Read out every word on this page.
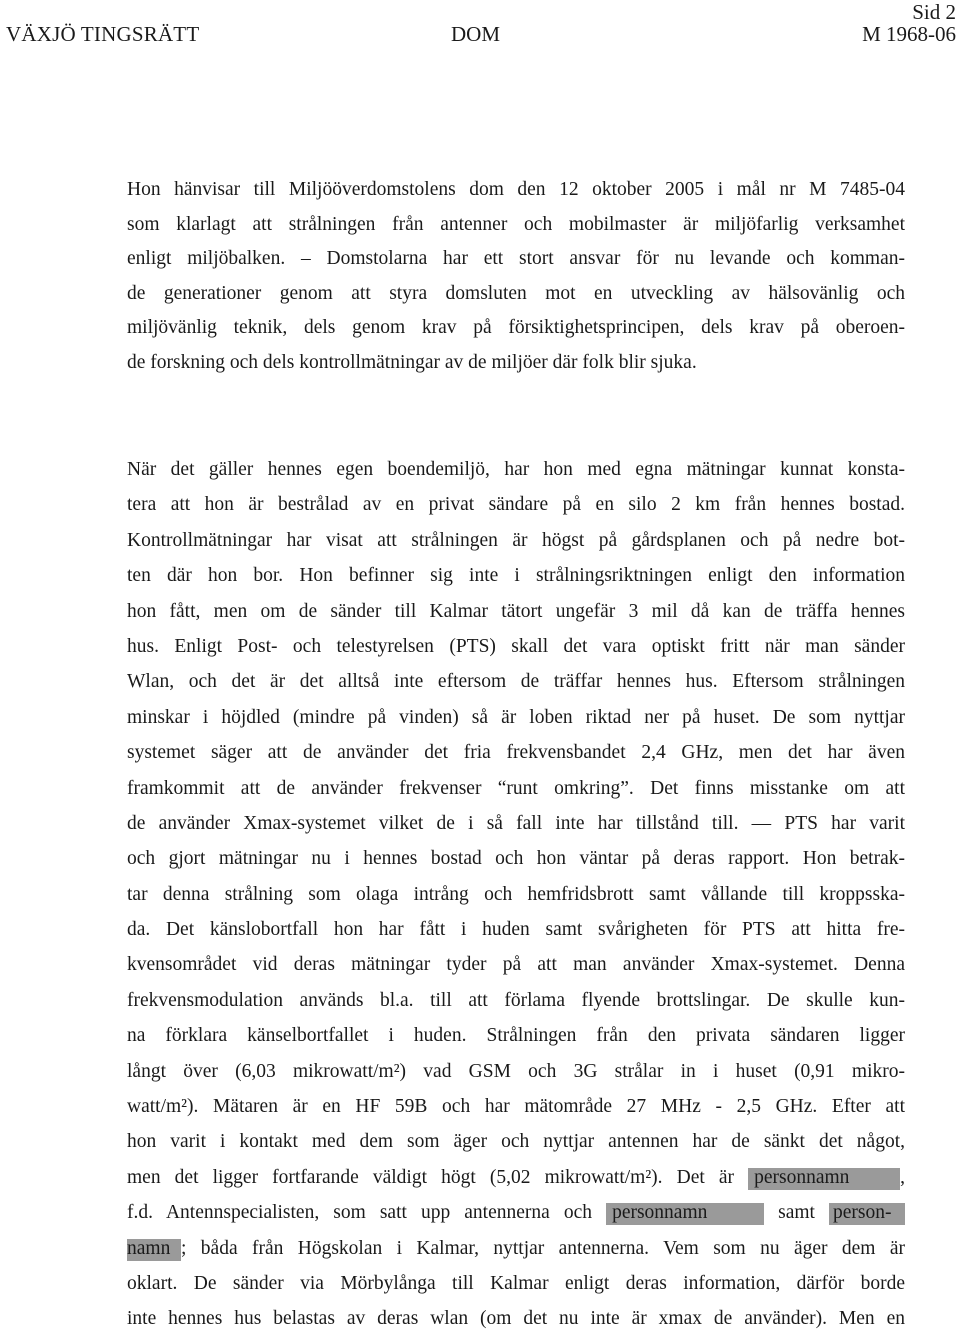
VÄXJÖ TINGSRÄTT	DOM
Sid 2
M 1968-06
Hon hänvisar till Miljööverdomstolens dom den 12 oktober 2005 i mål nr M 7485-04
som klarlagt att strålningen från antenner och mobilmaster är miljöfarlig verksamhet
enligt miljöbalken. – Domstolarna har ett stort ansvar för nu levande och komman-
de generationer genom att styra domsluten mot en utveckling av hälsovänlig och
miljövänlig teknik, dels genom krav på försiktighetsprincipen, dels krav på oberoen-
de forskning och dels kontrollmätningar av de miljöer där folk blir sjuka.
När det gäller hennes egen boendemiljö, har hon med egna mätningar kunnat konsta-
tera att hon är bestrålad av en privat sändare på en silo 2 km från hennes bostad.
Kontrollmätningar har visat att strålningen är högst på gårdsplanen och på nedre bot-
ten där hon bor. Hon befinner sig inte i strålningsriktningen enligt den information
hon fått, men om de sänder till Kalmar tätort ungefär 3 mil då kan de träffa hennes
hus. Enligt Post- och telestyrelsen (PTS) skall det vara optiskt fritt när man sänder
Wlan, och det är det alltså inte eftersom de träffar hennes hus. Eftersom strålningen
minskar i höjdled (mindre på vinden) så är loben riktad ner på huset. De som nyttjar
systemet säger att de använder det fria frekvensbandet 2,4 GHz, men det har även
framkommit att de använder frekvenser “runt omkring”. Det finns misstanke om att
de använder Xmax-systemet vilket de i så fall inte har tillstånd till. — PTS har varit
och gjort mätningar nu i hennes bostad och hon väntar på deras rapport. Hon betrak-
tar denna strålning som olaga intrång och hemfridsbrott samt vållande till kroppsska-
da. Det känslobortfall hon har fått i huden samt svårigheten för PTS att hitta fre-
kvensområdet vid deras mätningar tyder på att man använder Xmax-systemet. Denna
frekvensmodulation används bl.a. till att förlama flyende brottslingar. De skulle kun-
na förklara känselbortfallet i huden. Strålningen från den privata sändaren ligger
långt över (6,03 mikrowatt/m²) vad GSM och 3G strålar in i huset (0,91 mikro-
watt/m²). Mätaren är en HF 59B och har mätområde 27 MHz - 2,5 GHz. Efter att
hon varit i kontakt med dem som äger och nyttjar antennen har de sänkt det något,
men det ligger fortfarande väldigt högt (5,02 mikrowatt/m²). Det är personnamn	,
f.d. Antennspecialisten, som satt upp antennerna och personnamn	samt person-
namn ; båda från Högskolan i Kalmar, nyttjar antennerna. Vem som nu äger dem är
oklart. De sänder via Mörbylånga till Kalmar enligt deras information, därför borde
inte hennes hus belastas av deras wlan (om det nu inte är xmax de använder). Men en
